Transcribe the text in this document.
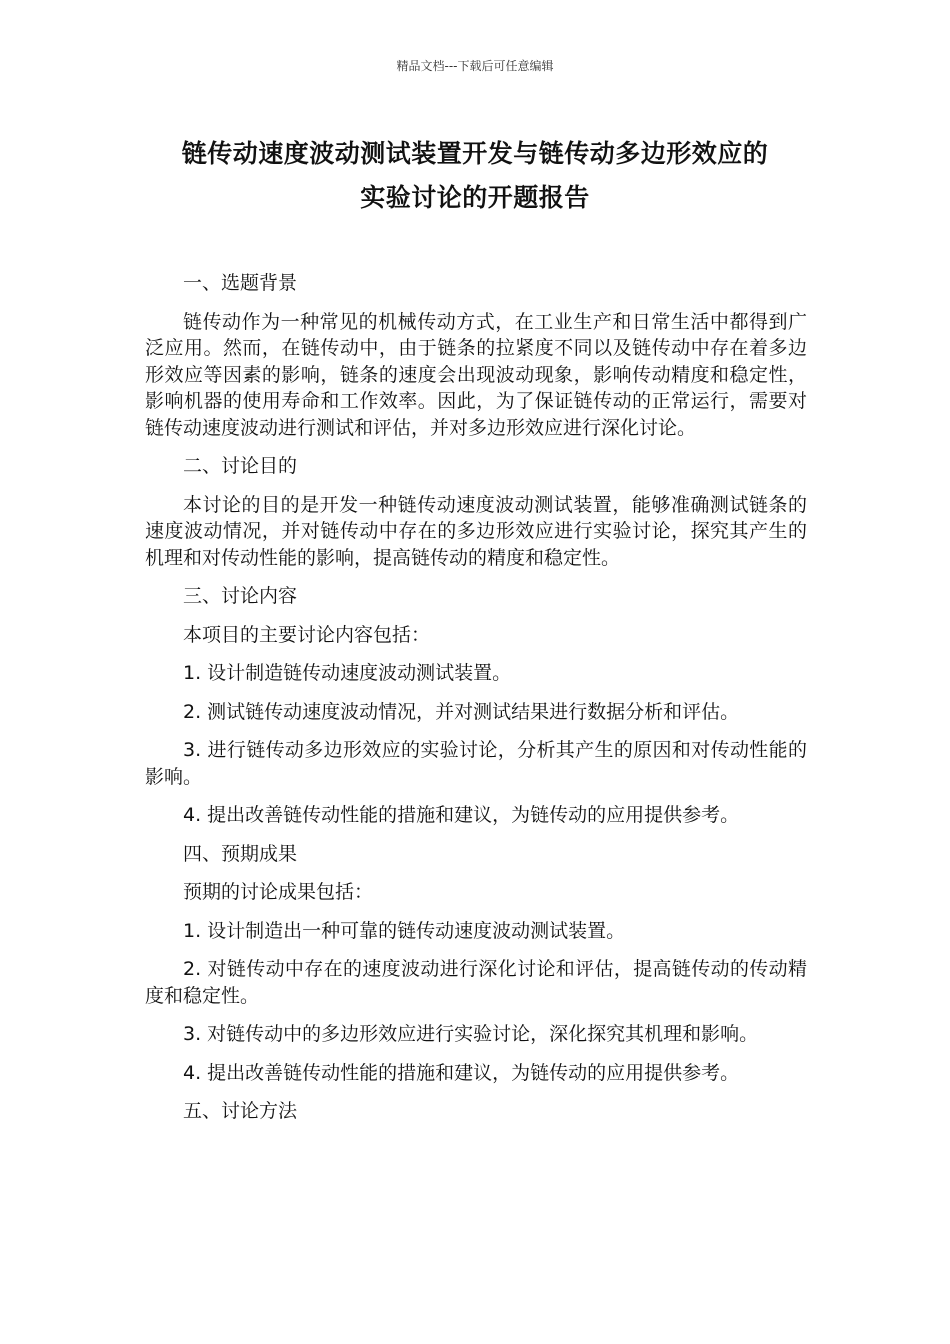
精品文档---下载后可任意编辑
链传动速度波动测试装置开发与链传动多边形效应的
实验讨论的开题报告

一、选题背景

链传动作为一种常见的机械传动方式，在工业生产和日常生活中都得到广泛应用。然而，在链传动中，由于链条的拉紧度不同以及链传动中存在着多边形效应等因素的影响，链条的速度会出现波动现象，影响传动精度和稳定性，影响机器的使用寿命和工作效率。因此，为了保证链传动的正常运行，需要对链传动速度波动进行测试和评估，并对多边形效应进行深化讨论。

二、讨论目的

本讨论的目的是开发一种链传动速度波动测试装置，能够准确测试链条的速度波动情况，并对链传动中存在的多边形效应进行实验讨论，探究其产生的机理和对传动性能的影响，提高链传动的精度和稳定性。

三、讨论内容

本项目的主要讨论内容包括：

1. 设计制造链传动速度波动测试装置。

2. 测试链传动速度波动情况，并对测试结果进行数据分析和评估。

3. 进行链传动多边形效应的实验讨论，分析其产生的原因和对传动性能的影响。

4. 提出改善链传动性能的措施和建议，为链传动的应用提供参考。

四、预期成果

预期的讨论成果包括：

1. 设计制造出一种可靠的链传动速度波动测试装置。

2. 对链传动中存在的速度波动进行深化讨论和评估，提高链传动的传动精度和稳定性。

3. 对链传动中的多边形效应进行实验讨论，深化探究其机理和影响。

4. 提出改善链传动性能的措施和建议，为链传动的应用提供参考。

五、讨论方法
